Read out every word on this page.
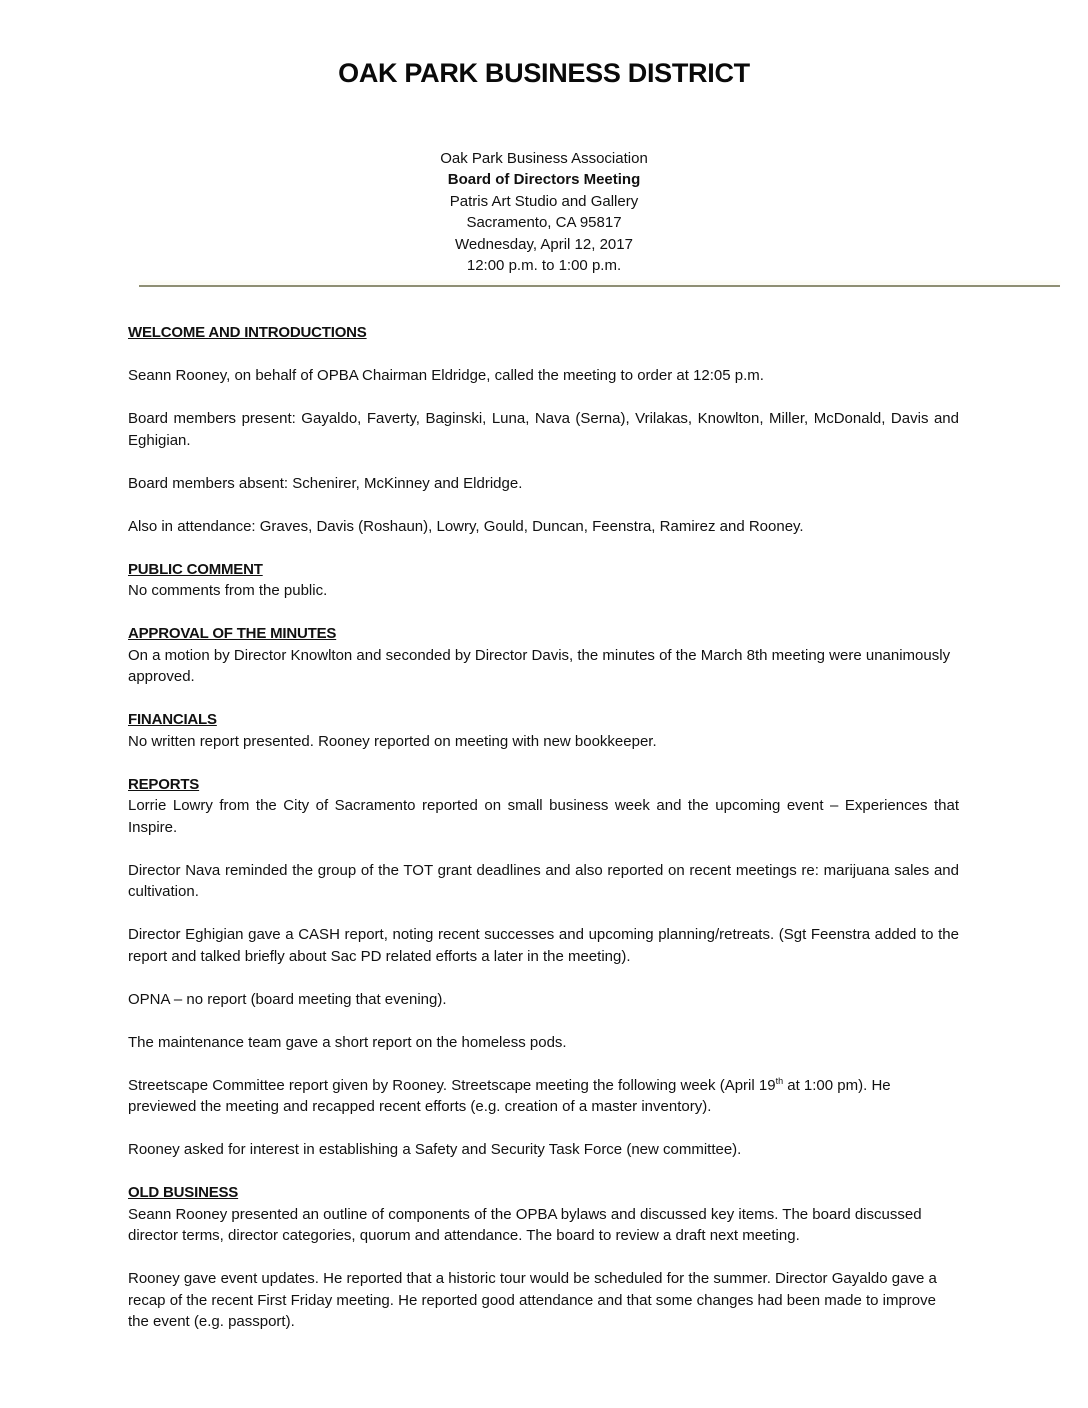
OAK PARK BUSINESS DISTRICT
Oak Park Business Association
Board of Directors Meeting
Patris Art Studio and Gallery
Sacramento, CA 95817
Wednesday, April 12, 2017
12:00 p.m. to 1:00 p.m.

WELCOME AND INTRODUCTIONS

Seann Rooney, on behalf of OPBA Chairman Eldridge, called the meeting to order at 12:05 p.m.

Board members present: Gayaldo, Faverty, Baginski, Luna, Nava (Serna), Vrilakas, Knowlton, Miller, McDonald, Davis and Eghigian.

Board members absent: Schenirer, McKinney and Eldridge.

Also in attendance: Graves, Davis (Roshaun), Lowry, Gould, Duncan, Feenstra, Ramirez and Rooney.

PUBLIC COMMENT

No comments from the public.

APPROVAL OF THE MINUTES

On a motion by Director Knowlton and seconded by Director Davis, the minutes of the March 8th meeting were unanimously approved.

FINANCIALS

No written report presented. Rooney reported on meeting with new bookkeeper.

REPORTS

Lorrie Lowry from the City of Sacramento reported on small business week and the upcoming event – Experiences that Inspire.

Director Nava reminded the group of the TOT grant deadlines and also reported on recent meetings re: marijuana sales and cultivation.

Director Eghigian gave a CASH report, noting recent successes and upcoming planning/retreats. (Sgt Feenstra added to the report and talked briefly about Sac PD related efforts a later in the meeting).

OPNA – no report (board meeting that evening).

The maintenance team gave a short report on the homeless pods.

Streetscape Committee report given by Rooney. Streetscape meeting the following week (April 19th at 1:00 pm). He previewed the meeting and recapped recent efforts (e.g. creation of a master inventory).

Rooney asked for interest in establishing a Safety and Security Task Force (new committee).

OLD BUSINESS

Seann Rooney presented an outline of components of the OPBA bylaws and discussed key items. The board discussed director terms, director categories, quorum and attendance. The board to review a draft next meeting.

Rooney gave event updates. He reported that a historic tour would be scheduled for the summer. Director Gayaldo gave a recap of the recent First Friday meeting. He reported good attendance and that some changes had been made to improve the event (e.g. passport).
